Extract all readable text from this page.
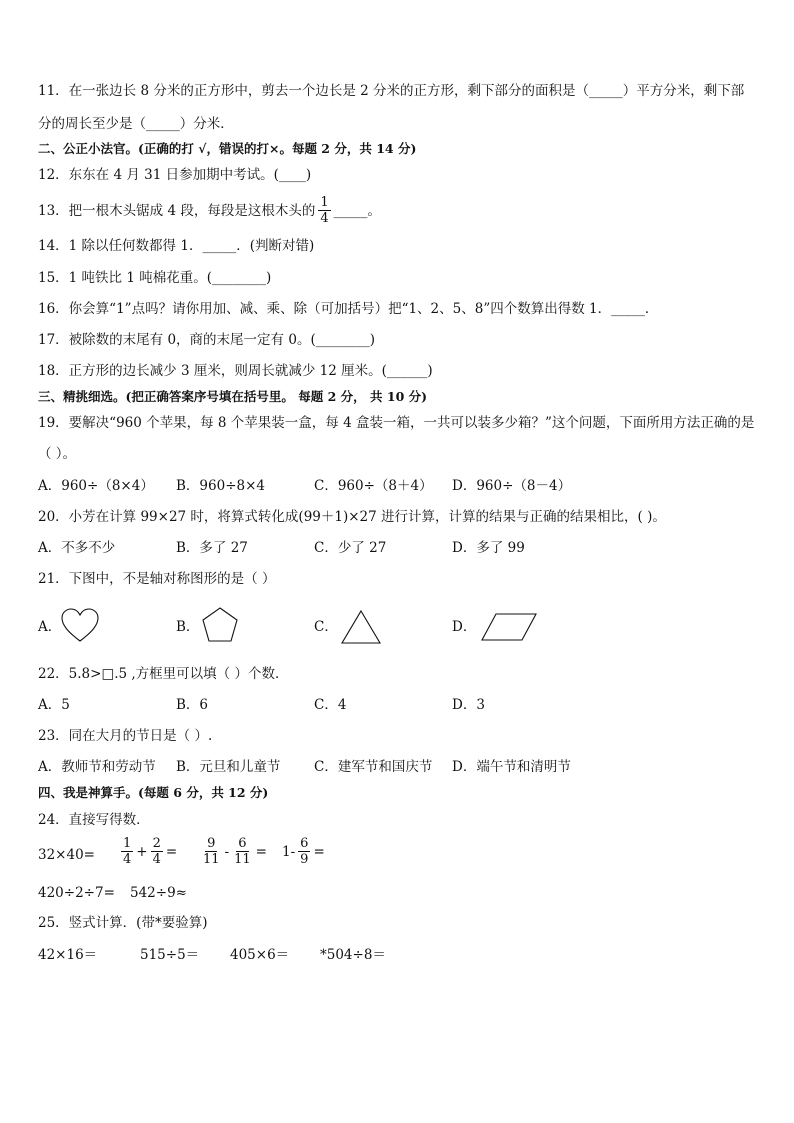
11．在一张边长 8 分米的正方形中，剪去一个边长是 2 分米的正方形，剩下部分的面积是（_____）平方分米，剩下部
分的周长至少是（_____）分米．
二、公正小法官。(正确的打 √，错误的打×。每题 2 分，共 14 分)
12．东东在 4 月 31 日参加期中考试。(____)
13．把一根木头锯成 4 段，每段是这根木头的 $\frac{1}{4}$ _____。
14．1 除以任何数都得 1．_____．(判断对错)
15．1 吨铁比 1 吨棉花重。(________)
16．你会算“1”点吗？请你用加、减、乘、除（可加括号）把“1、2、5、8”四个数算出得数 1．_____．
17．被除数的末尾有 0，商的末尾一定有 0。(________)
18．正方形的边长减少 3 厘米，则周长就减少 12 厘米。(______)
三、精挑细选。(把正确答案序号填在括号里。 每题 2 分， 共 10 分)
19．要解决“960 个苹果，每 8 个苹果装一盒，每 4 盒装一箱，一共可以装多少箱？”这个问题，下面所用方法正确的是
（ ）。
A．960÷（8×4） B．960÷8×4	C．960÷（8＋4） D．960÷（8－4）
20．小芳在计算 99×27 时，将算式转化成(99＋1)×27 进行计算，计算的结果与正确的结果相比，( )。
A．不多不少	B．多了 27	C．少了 27	D．多了 99
21．下图中，不是轴对称图形的是（ ）
A．	B．	C．	D．
22．5.8>□.5 ,方框里可以填（ ）个数．
A．5	B．6	C．4	D．3
23．同在大月的节日是（ ）.
A．教师节和劳动节 B．元旦和儿童节 C．建军节和国庆节 D．端午节和清明节
四、我是神算手。(每题 6 分，共 12 分)
24．直接写得数．
$32\times 40= \frac{1}{4} + \frac{2}{4} = \frac{9}{11} - \frac{6}{11} = 1- \frac{6}{9}$ =
420÷2÷7= 542÷9≈
25．竖式计算．(带*要验算)
42×16＝	515÷5＝ 405×6＝ *504÷8＝
